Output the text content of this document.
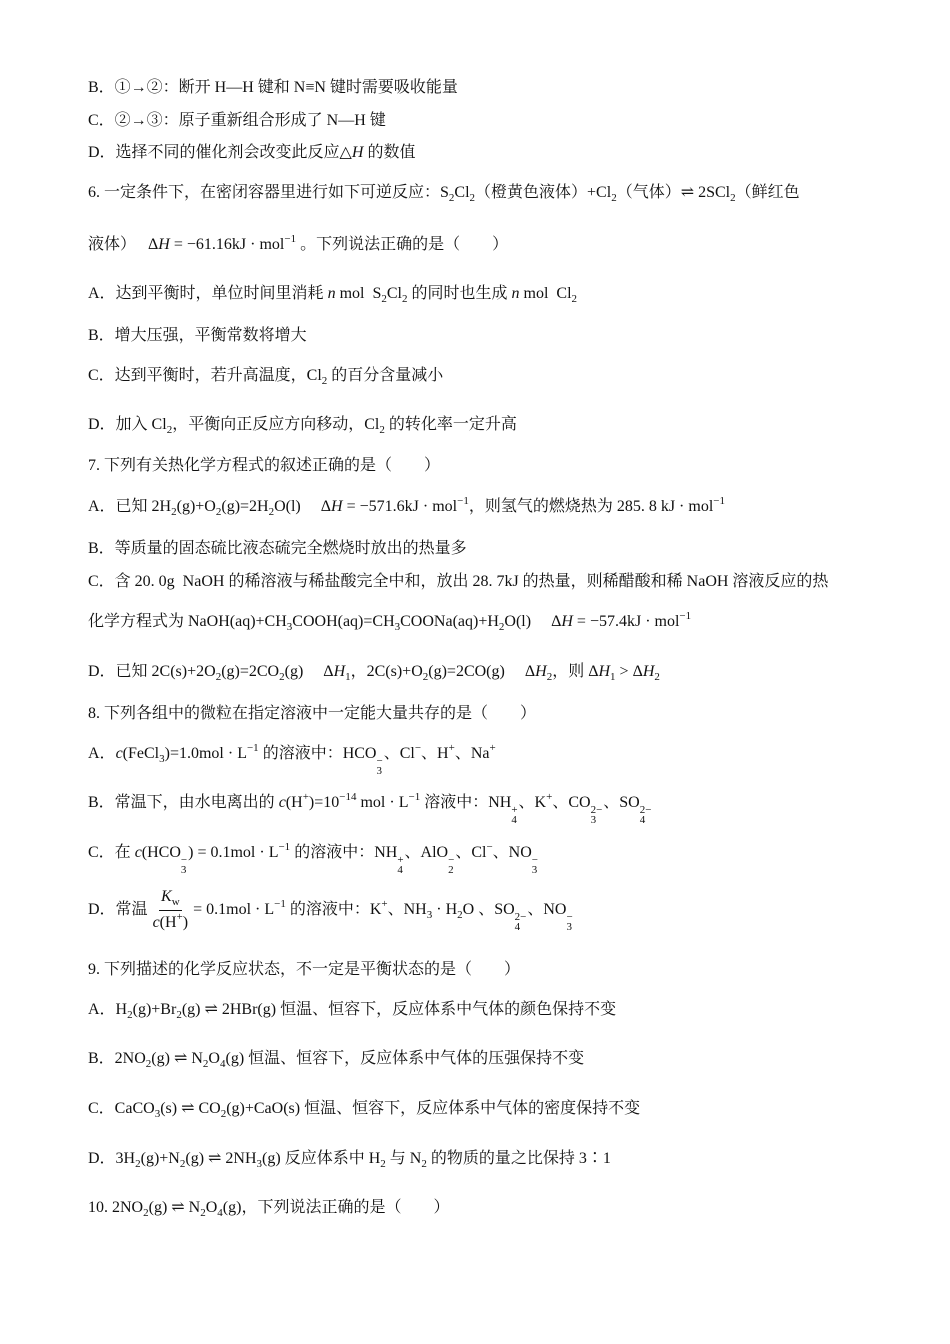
B．①→②：断开 H—H 键和 N≡N 键时需要吸收能量
C．②→③：原子重新组合形成了 N—H 键
D．选择不同的催化剂会改变此反应△H 的数值
6. 一定条件下，在密闭容器里进行如下可逆反应：$S_2Cl_2$（橙黄色液体）$+Cl_2$（气体）⇌ 2SCl$_2$（鲜红色
液体）　 ΔH = −61.16kJ · mol$^{-1}$ 。下列说法正确的是（　　）
A．达到平衡时，单位时间里消耗 n mol  $S_2Cl_2$ 的同时也生成 n mol  $Cl_2$
B．增大压强，平衡常数将增大
C．达到平衡时，若升高温度，$Cl_2$ 的百分含量减小
D．加入 $Cl_2$，平衡向正反应方向移动，$Cl_2$ 的转化率一定升高
7. 下列有关热化学方程式的叙述正确的是（　　）
A．已知 $2H_2(g)+O_2(g)=2H_2O(l)$　 ΔH = −571.6kJ · mol$^{-1}$，则氢气的燃烧热为 285. 8 kJ · mol$^{-1}$
B．等质量的固态硫比液态硫完全燃烧时放出的热量多
C．含 20. 0g  NaOH 的稀溶液与稀盐酸完全中和，放出 28. 7kJ 的热量，则稀醋酸和稀 NaOH 溶液反应的热
化学方程式为 $NaOH(aq)+CH_3COOH(aq)=CH_3COONa(aq)+H_2O(l)$　 ΔH = −57.4kJ · mol$^{-1}$
D．已知 $2C(s)+2O_2(g)=2CO_2(g)$　 $\Delta H_1$，$2C(s)+O_2(g)=2CO(g)$　 $\Delta H_2$，则 $\Delta H_1 > \Delta H_2$
8. 下列各组中的微粒在指定溶液中一定能大量共存的是（　　）
A．c(FeCl$_3$)=1.0mol · $L^{-1}$ 的溶液中：HCO −
3
、Cl−、H+、Na+
B．常温下，由水电离出的 $c(H^+)=10^{-14}$ mol · $L^{-1}$ 溶液中：NH +
4
、K+、CO 2−
3
、SO 2−
4
C．在 c(HCO −
3
) = $0.1mol \cdot L^{-1}$ 的溶液中：NH +
4
、AlO −
2
、Cl−、NO −
3
D．常温 $\frac{K_w}{c(H^+)} = 0.1mol \cdot L^{-1}$ 的溶液中：K+、$NH_3 \cdot H_2O$ 、SO 2−
4
、NO −
3
9. 下列描述的化学反应状态，不一定是平衡状态的是（　　）
A．$H_2(g)+Br_2(g)$ ⇌ 2HBr(g) 恒温、恒容下，反应体系中气体的颜色保持不变
B．$2NO_2(g)$ ⇌ $N_2O_4(g)$ 恒温、恒容下，反应体系中气体的压强保持不变
C．CaCO$_3$(s) ⇌ $CO_2(g)+CaO(s)$ 恒温、恒容下，反应体系中气体的密度保持不变
D．$3H_2(g)+N_2(g)$ ⇌ $2NH_3(g)$ 反应体系中 $H_2$ 与 $N_2$ 的物质的量之比保持 3∶1
10. $2NO_2(g)$ ⇌ $N_2O_4(g)$，下列说法正确的是（　　）
